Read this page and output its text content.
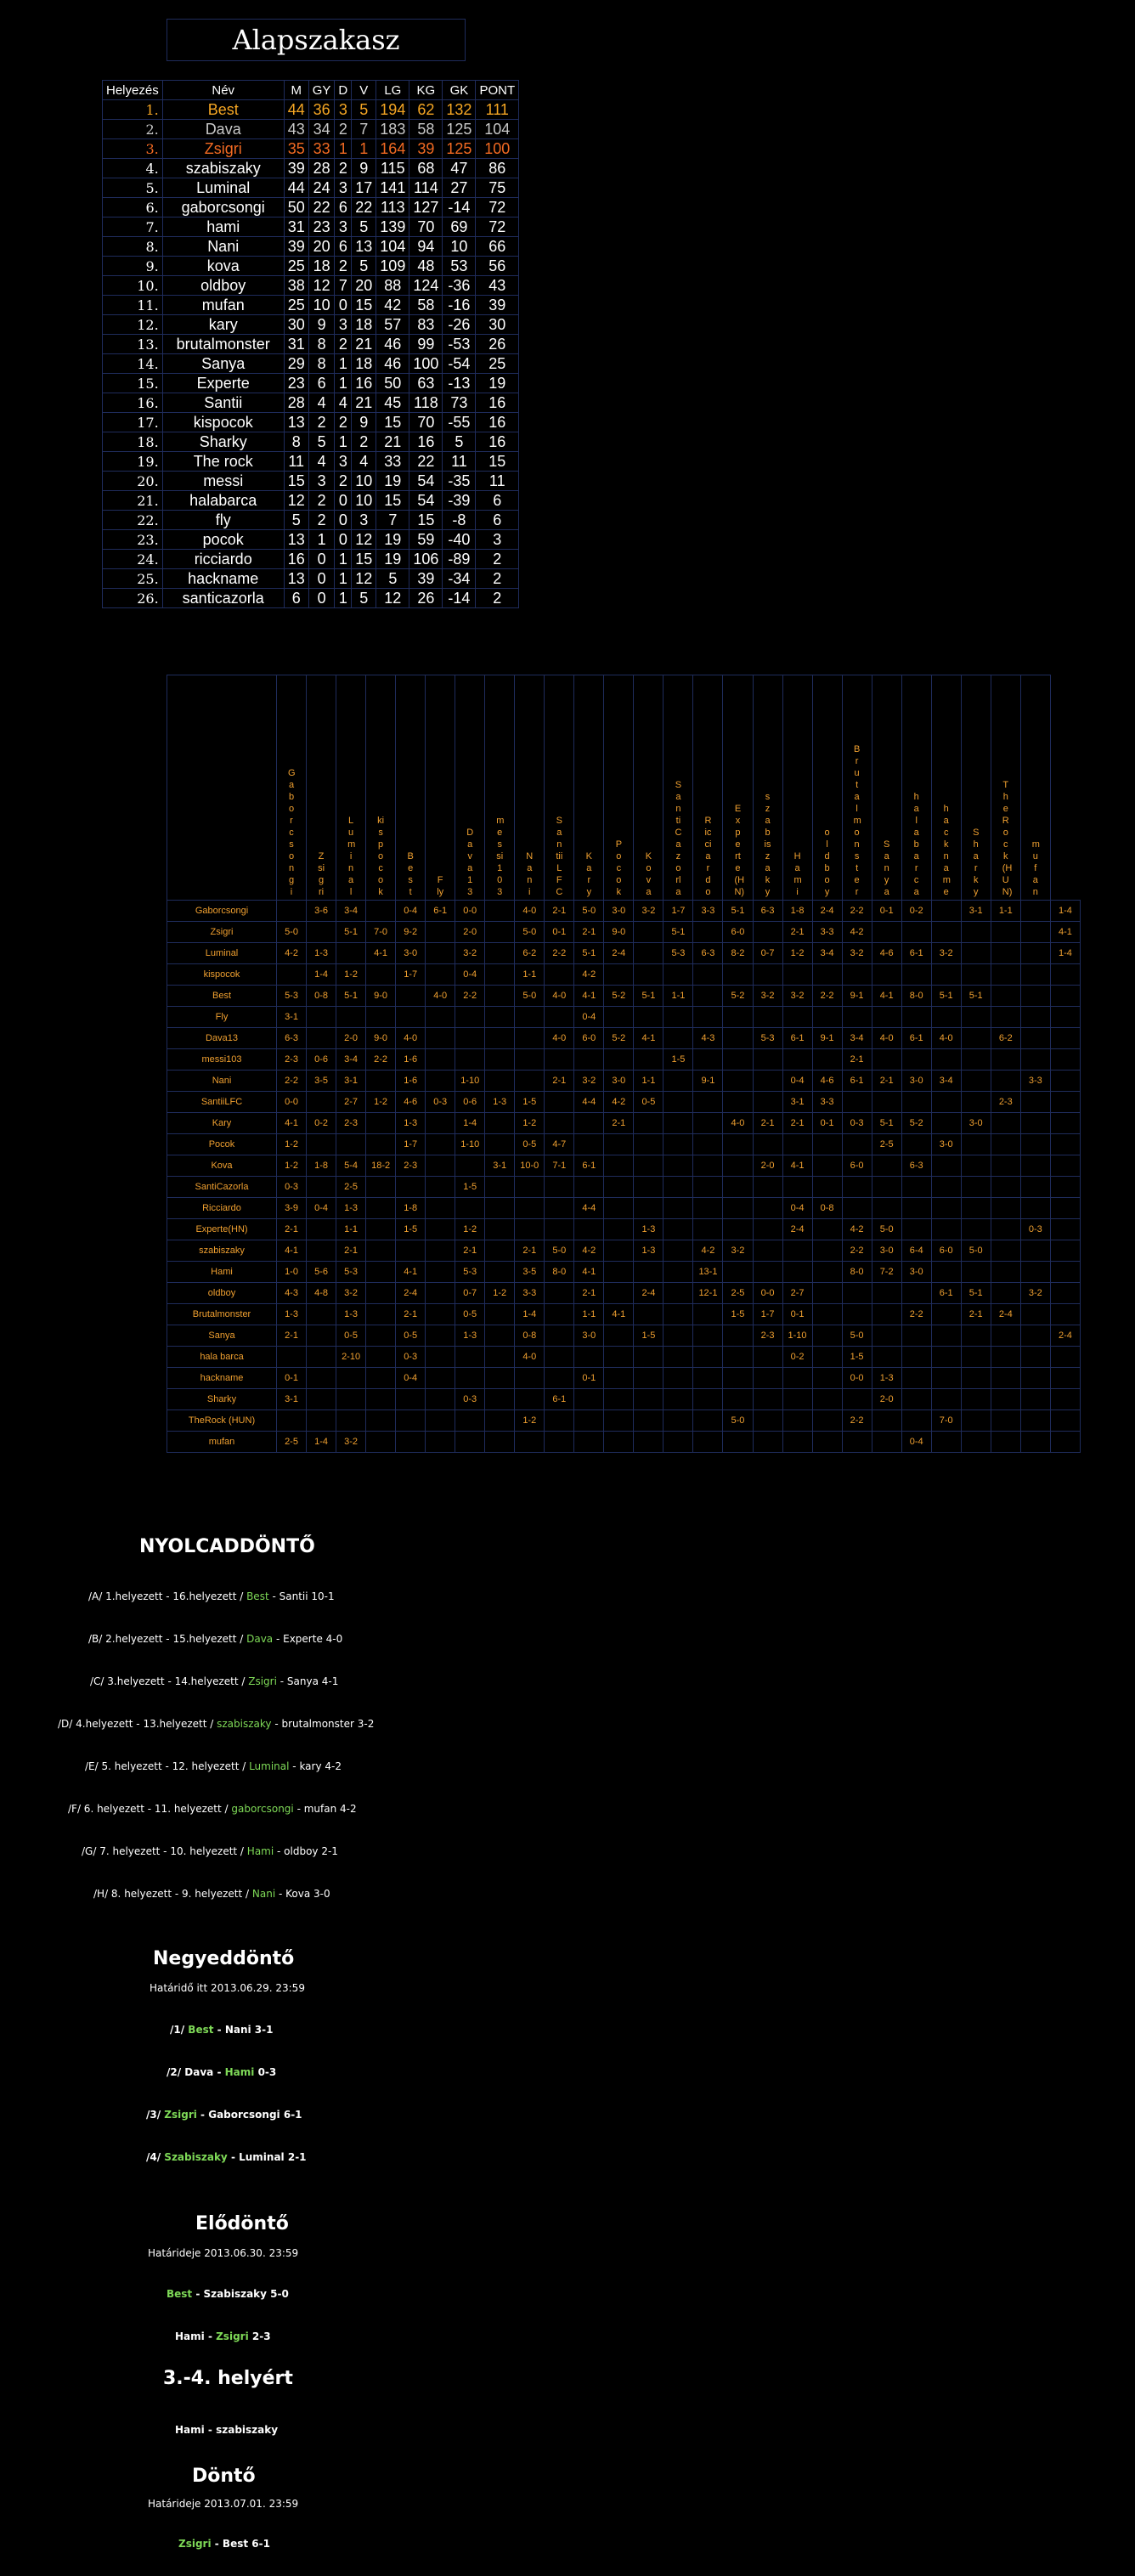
Alapszakasz
Helyezés	Név	M	GY	D	V	LG	KG	GK	PONT
1.	Best	44	36	3	5	194	62	132	111
2.	Dava	43	34	2	7	183	58	125	104
3.	Zsigri	35	33	1	1	164	39	125	100
4.	szabiszaky	39	28	2	9	115	68	47	86
5.	Luminal	44	24	3	17	141	114	27	75
6.	gaborcsongi	50	22	6	22	113	127	-14	72
7.	hami	31	23	3	5	139	70	69	72
8.	Nani	39	20	6	13	104	94	10	66
9.	kova	25	18	2	5	109	48	53	56
10.	oldboy	38	12	7	20	88	124	-36	43
11.	mufan	25	10	0	15	42	58	-16	39
12.	kary	30	9	3	18	57	83	-26	30
13.	brutalmonster	31	8	2	21	46	99	-53	26
14.	Sanya	29	8	1	18	46	100	-54	25
15.	Experte	23	6	1	16	50	63	-13	19
16.	Santii	28	4	4	21	45	118	73	16
17.	kispocok	13	2	2	9	15	70	-55	16
18.	Sharky	8	5	1	2	21	16	5	16
19.	The rock	11	4	3	4	33	22	11	15
20.	messi	15	3	2	10	19	54	-35	11
21.	halabarca	12	2	0	10	15	54	-39	6
22.	fly	5	2	0	3	7	15	-8	6
23.	pocok	13	1	0	12	19	59	-40	3
24.	ricciardo	16	0	1	15	19	106	-89	2
25.	hackname	13	0	1	12	5	39	-34	2
26.	santicazorla	6	0	1	5	12	26	-14	2
	Gaborcsongi	Zsigri	Luminal	kispocok	Best	Fly	Dava13	messi103	Nani	SantiiLFC	Kary	Pocok	Kova	SantiCazorla	Ricciardo	Experte(HN)	szabiszaky	Hami	oldboy	Brutalmonster	Sanya	halabarca	hackname	Sharky	TheRock(HUN)	mufan	
Gaborcsongi		3-6	3-4		0-4	6-1	0-0		4-0	2-1	5-0	3-0	3-2	1-7	3-3	5-1	6-3	1-8	2-4	2-2	0-1	0-2		3-1	1-1		1-4
Zsigri	5-0		5-1	7-0	9-2		2-0		5-0	0-1	2-1	9-0		5-1		6-0		2-1	3-3	4-2							4-1
Luminal	4-2	1-3		4-1	3-0		3-2		6-2	2-2	5-1	2-4		5-3	6-3	8-2	0-7	1-2	3-4	3-2	4-6	6-1	3-2				1-4
kispocok		1-4	1-2		1-7		0-4		1-1		4-2																
Best	5-3	0-8	5-1	9-0		4-0	2-2		5-0	4-0	4-1	5-2	5-1	1-1		5-2	3-2	3-2	2-2	9-1	4-1	8-0	5-1	5-1			
Fly	3-1										0-4																
Dava13	6-3		2-0	9-0	4-0					4-0	6-0	5-2	4-1		4-3		5-3	6-1	9-1	3-4	4-0	6-1	4-0		6-2		
messi103	2-3	0-6	3-4	2-2	1-6									1-5						2-1							
Nani	2-2	3-5	3-1		1-6		1-10			2-1	3-2	3-0	1-1		9-1			0-4	4-6	6-1	2-1	3-0	3-4			3-3	
SantiiLFC	0-0		2-7	1-2	4-6	0-3	0-6	1-3	1-5		4-4	4-2	0-5					3-1	3-3						2-3		
Kary	4-1	0-2	2-3		1-3		1-4		1-2			2-1				4-0	2-1	2-1	0-1	0-3	5-1	5-2		3-0			
Pocok	1-2				1-7		1-10		0-5	4-7											2-5		3-0				
Kova	1-2	1-8	5-4	18-2	2-3			3-1	10-0	7-1	6-1						2-0	4-1		6-0		6-3					
SantiCazorla	0-3		2-5				1-5																				
Ricciardo	3-9	0-4	1-3		1-8						4-4							0-4	0-8								
Experte(HN)	2-1		1-1		1-5		1-2						1-3					2-4		4-2	5-0					0-3	
szabiszaky	4-1		2-1				2-1		2-1	5-0	4-2		1-3		4-2	3-2				2-2	3-0	6-4	6-0	5-0			
Hami	1-0	5-6	5-3		4-1		5-3		3-5	8-0	4-1				13-1					8-0	7-2	3-0					
oldboy	4-3	4-8	3-2		2-4		0-7	1-2	3-3		2-1		2-4		12-1	2-5	0-0	2-7					6-1	5-1		3-2	
Brutalmonster	1-3		1-3		2-1		0-5		1-4		1-1	4-1				1-5	1-7	0-1				2-2		2-1	2-4		
Sanya	2-1		0-5		0-5		1-3		0-8		3-0		1-5				2-3	1-10		5-0							2-4
hala barca			2-10		0-3				4-0									0-2		1-5							
hackname	0-1				0-4						0-1									0-0	1-3						
Sharky	3-1						0-3			6-1											2-0						
TheRock (HUN)									1-2							5-0				2-2			7-0				
mufan	2-5	1-4	3-2																			0-4					
NYOLCADDÖNTŐ
/A/ 1.helyezett - 16.helyezett / Best - Santii 10-1
/B/ 2.helyezett - 15.helyezett / Dava - Experte 4-0
/C/ 3.helyezett - 14.helyezett / Zsigri - Sanya 4-1
/D/ 4.helyezett - 13.helyezett / szabiszaky - brutalmonster 3-2
/E/ 5. helyezett - 12. helyezett / Luminal - kary 4-2
/F/ 6. helyezett - 11. helyezett / gaborcsongi - mufan 4-2
/G/ 7. helyezett - 10. helyezett / Hami - oldboy 2-1
/H/ 8. helyezett - 9. helyezett / Nani - Kova 3-0
Negyeddöntő
Határidő itt 2013.06.29. 23:59
/1/ Best - Nani 3-1
/2/ Dava - Hami 0-3
/3/ Zsigri - Gaborcsongi 6-1
/4/ Szabiszaky - Luminal 2-1
Elődöntő
Határideje 2013.06.30. 23:59
Best - Szabiszaky 5-0
Hami - Zsigri 2-3
3.-4. helyért
Hami - szabiszaky
Döntő
Határideje 2013.07.01. 23:59
Zsigri - Best 6-1
